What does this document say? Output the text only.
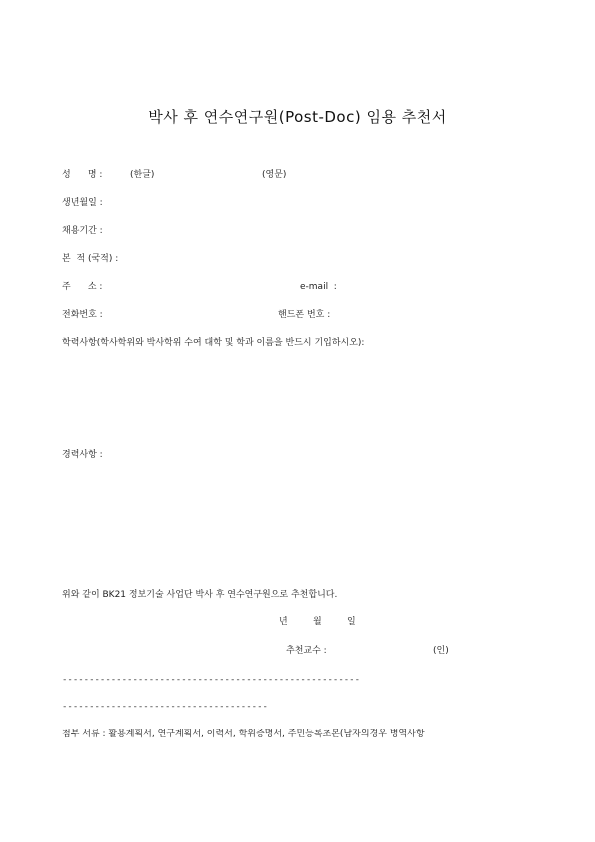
박사 후 연수연구원(Post-Doc) 임용 추천서
성      명 :	(한글)	(영문)
생년월일 :
채용기간 :
본  적 (국적) :
주      소 :	e-mail  :
전화번호 :	핸드폰 번호 :
학력사항(학사학위와 박사학위 수여 대학 및 학과 이름을 반드시 기입하시오):
경력사항 :
위와 같이 BK21 정보기술 사업단 박사 후 연수연구원으로 추천합니다.
년	월	일
추천교수 :	(인)
-------------------------------------------------------
--------------------------------------
첨부 서류 : 활용계획서, 연구계획서, 이력서, 학위증명서, 주민등록초본(남자의경우 병역사항
